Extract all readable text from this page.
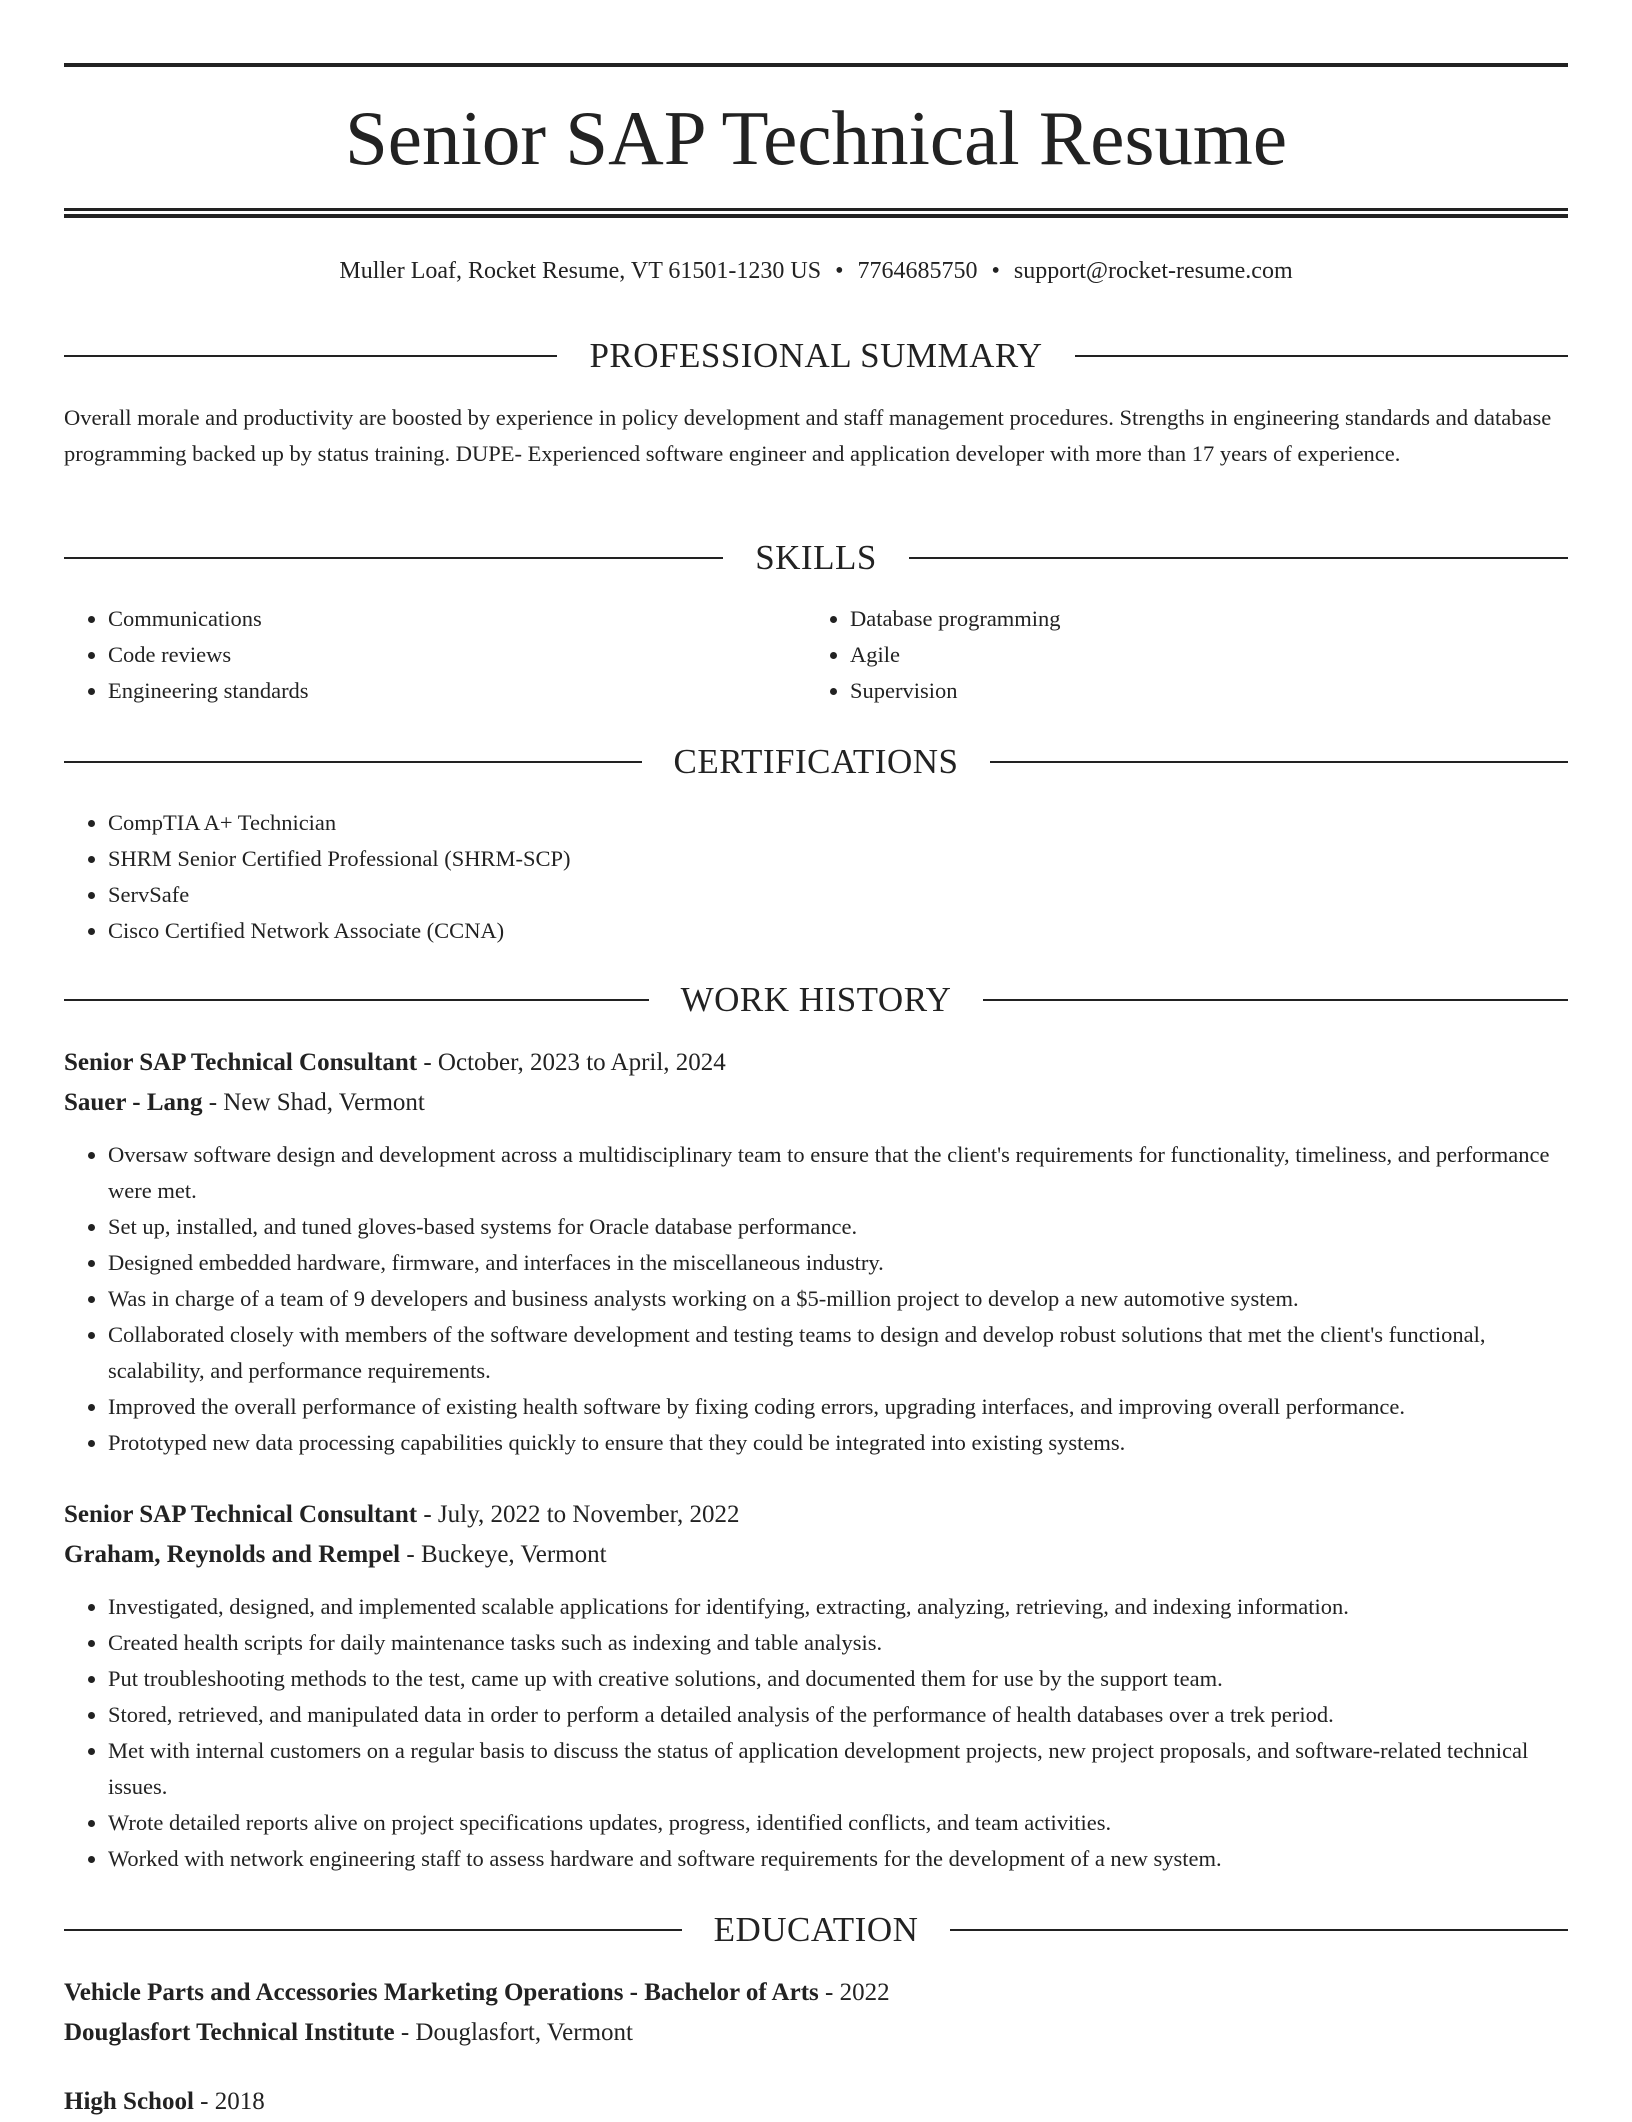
Senior SAP Technical Resume
Muller Loaf, Rocket Resume, VT 61501-1230 US • 7764685750 • support@rocket-resume.com
PROFESSIONAL SUMMARY

Overall morale and productivity are boosted by experience in policy development and staff management procedures. Strengths in engineering standards and database programming backed up by status training. DUPE- Experienced software engineer and application developer with more than 17 years of experience.

SKILLS
• Communications
• Code reviews
• Engineering standards
• Database programming
• Agile
• Supervision
CERTIFICATIONS
• CompTIA A+ Technician
• SHRM Senior Certified Professional (SHRM-SCP)
• ServSafe
• Cisco Certified Network Associate (CCNA)
WORK HISTORY
Senior SAP Technical Consultant - October, 2023 to April, 2024
Sauer - Lang - New Shad, Vermont
• Oversaw software design and development across a multidisciplinary team to ensure that the client's requirements for functionality, timeliness, and performance were met.
• Set up, installed, and tuned gloves-based systems for Oracle database performance.
• Designed embedded hardware, firmware, and interfaces in the miscellaneous industry.
• Was in charge of a team of 9 developers and business analysts working on a $5-million project to develop a new automotive system.
• Collaborated closely with members of the software development and testing teams to design and develop robust solutions that met the client's functional, scalability, and performance requirements.
• Improved the overall performance of existing health software by fixing coding errors, upgrading interfaces, and improving overall performance.
• Prototyped new data processing capabilities quickly to ensure that they could be integrated into existing systems.
Senior SAP Technical Consultant - July, 2022 to November, 2022
Graham, Reynolds and Rempel - Buckeye, Vermont
• Investigated, designed, and implemented scalable applications for identifying, extracting, analyzing, retrieving, and indexing information.
• Created health scripts for daily maintenance tasks such as indexing and table analysis.
• Put troubleshooting methods to the test, came up with creative solutions, and documented them for use by the support team.
• Stored, retrieved, and manipulated data in order to perform a detailed analysis of the performance of health databases over a trek period.
• Met with internal customers on a regular basis to discuss the status of application development projects, new project proposals, and software-related technical issues.
• Wrote detailed reports alive on project specifications updates, progress, identified conflicts, and team activities.
• Worked with network engineering staff to assess hardware and software requirements for the development of a new system.
EDUCATION
Vehicle Parts and Accessories Marketing Operations - Bachelor of Arts - 2022
Douglasfort Technical Institute - Douglasfort, Vermont
High School - 2018
